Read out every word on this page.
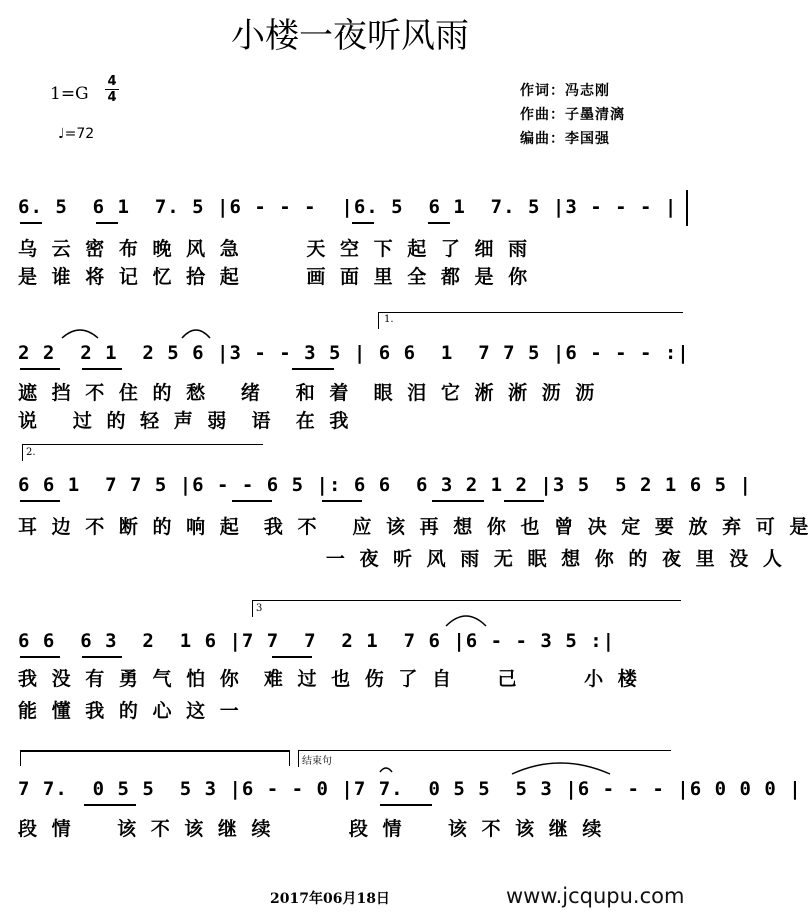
小楼一夜听风雨
1=G
4
4
♩=72
作词：冯志刚
作曲：子墨清漓
编曲：李国强
6. 5  6 1  7. 5 |6 - - -  |6. 5  6 1  7. 5 |3 - - - |
乌 云 密 布 晚 风 急      天 空 下 起 了 细 雨
是 谁 将 记 忆 拾 起      画 面 里 全 都 是 你
1.
2 2  2 1  2 5 6 |3 - - 3 5 | 6 6  1  7 7 5 |6 - - - :|
遮 挡 不 住 的 愁   绪   和 着  眼 泪 它 淅 淅 沥 沥
说   过 的 轻 声 弱  语  在 我
2.
6 6 1  7 7 5 |6 - - 6 5 |: 6 6  6 3 2 1 2 |3 5  5 2 1 6 5 |
耳 边 不 断 的 响 起  我 不   应 该 再 想 你 也 曾 决 定 要 放 弃 可 是
一 夜 听 风 雨 无 眠 想 你 的 夜 里 没 人
3
6 6  6 3  2  1 6 |7 7  7  2 1  7 6 |6 - - 3 5 :|
我 没 有 勇 气 怕 你  难 过 也 伤 了 自    己      小 楼
能 懂 我 的 心 这 一
结束句
7 7.  0 5 5  5 3 |6 - - 0 |7 7.  0 5 5  5 3 |6 - - - |6 0 0 0 |
段 情    该 不 该 继 续       段 情    该 不 该 继 续
2017年06月18日	www.jcqupu.com
